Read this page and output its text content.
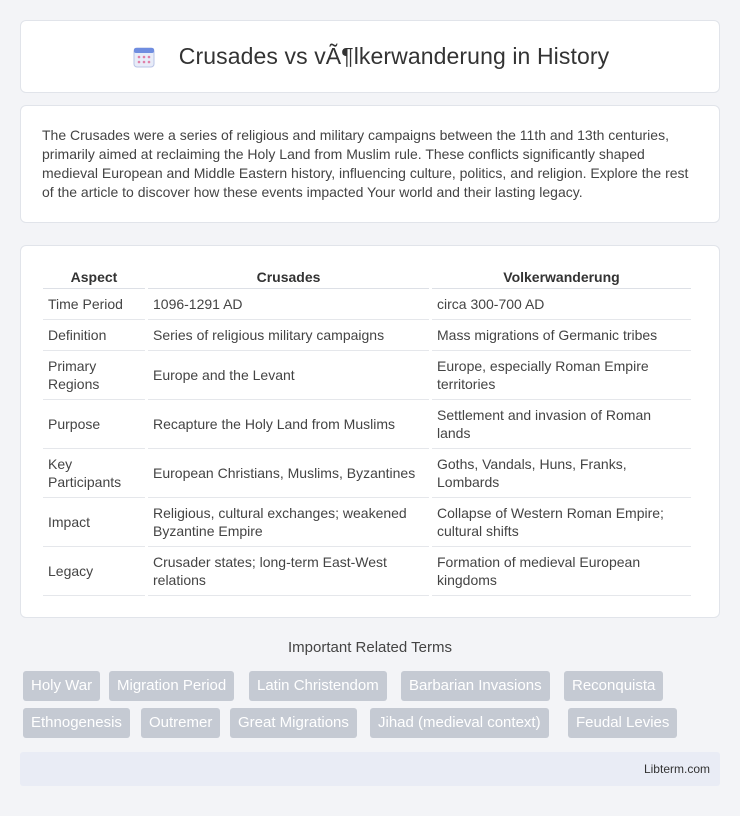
Crusades vs vÃ¶lkerwanderung in History

The Crusades were a series of religious and military campaigns between the 11th and 13th centuries, primarily aimed at reclaiming the Holy Land from Muslim rule. These conflicts significantly shaped medieval European and Middle Eastern history, influencing culture, politics, and religion. Explore the rest of the article to discover how these events impacted Your world and their lasting legacy.

Aspect	Crusades	Volkerwanderung
Time Period	1096-1291 AD	circa 300-700 AD
Definition	Series of religious military campaigns	Mass migrations of Germanic tribes
Primary Regions	Europe and the Levant	Europe, especially Roman Empire territories
Purpose	Recapture the Holy Land from Muslims	Settlement and invasion of Roman lands
Key Participants	European Christians, Muslims, Byzantines	Goths, Vandals, Huns, Franks, Lombards
Impact	Religious, cultural exchanges; weakened Byzantine Empire	Collapse of Western Roman Empire; cultural shifts
Legacy	Crusader states; long-term East-West relations	Formation of medieval European kingdoms
Important Related Terms
Holy War	Migration Period	Latin Christendom	Barbarian Invasions	Reconquista
Ethnogenesis	Outremer	Great Migrations	Jihad (medieval context)	Feudal Levies
Libterm.com
